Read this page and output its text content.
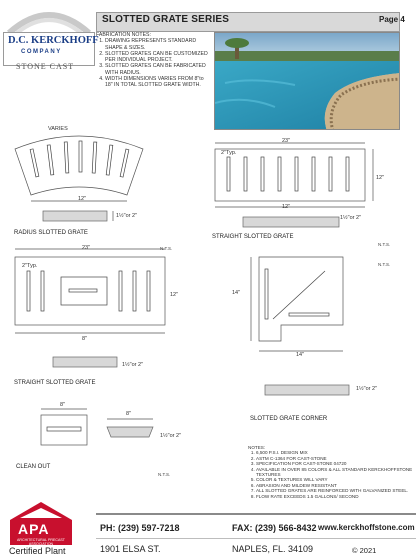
SLOTTED GRATE SERIES	Page 4
D.C. KERCKHOFF
COMPANY
STONE CAST
FABRICATION NOTES:
1. DRAWING REPRESENTS STANDARD SHAPE & SIZES.
2. SLOTTED GRATES CAN BE CUSTOMIZED PER INDIVIDUAL PROJECT.
3. SLOTTED GRATES CAN BE FABRICATED WITH RADIUS.
4. WIDTH DIMENSIONS VARIES FROM 8"to 18" IN TOTAL SLOTTED GRATE WIDTH.
VARIES
12"
1½"or 2"
RADIUS SLOTTED GRATE
23"
2"Typ.
12"
12"
1½"or 2"
STRAIGHT SLOTTED GRATE
N.T.S.
23"
2"Typ.
12"
8"
1½"or 2"
STRAIGHT SLOTTED GRATE
N.T.S.
14"
14"
1½"or 2"
SLOTTED GRATE CORNER
N.T.S.
8"
8"
1½"or 2"
CLEAN OUT
N.T.S.
NOTES:
1. 6,500 P.S.I. DESIGN MIX
2. ASTM C-1364 FOR CAST-STONE
3. SPECIFICATION FOR CAST-STONE 04720
4. AVAILABLE IN OVER 85 COLORS & ALL STANDARD KERCKHOFFSTONE TEXTURES
5. COLOR & TEXTURES WILL VARY
6. ABRASION AND MILDEW RESISTANT
7. ALL SLOTTED GRATES ARE REINFORCED WITH GALVANIZED STEEL.
8. FLOW RATE EXCEEDS 1.5 GALLONS/ SECOND
APA
ARCHITECTURAL PRECAST ASSOCIATION
Certified Plant
PH: (239) 597-7218	FAX: (239) 566-8432 www.kerckhoffstone.com
1901 ELSA ST.	NAPLES, FL. 34109	© 2021
